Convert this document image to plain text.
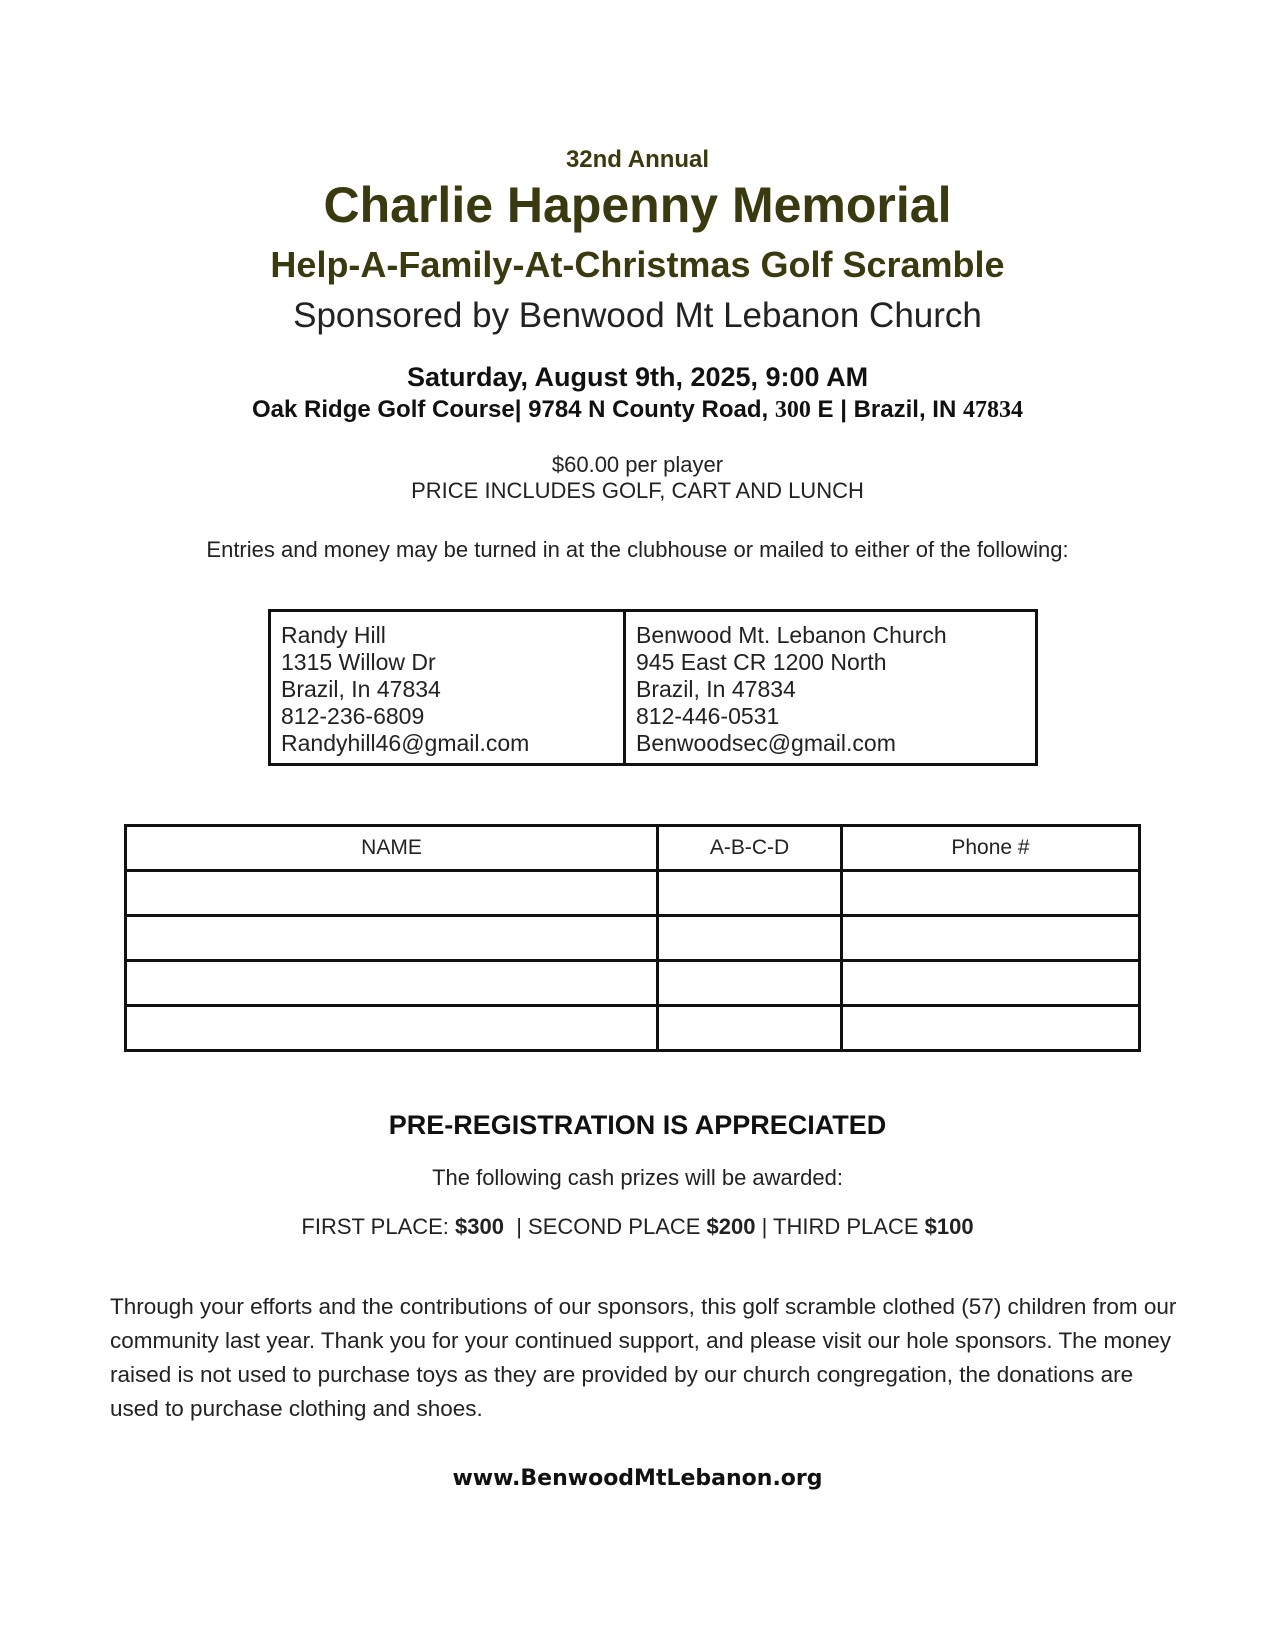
32nd Annual
Charlie Hapenny Memorial
Help-A-Family-At-Christmas Golf Scramble
Sponsored by Benwood Mt Lebanon Church
Saturday, August 9th, 2025, 9:00 AM
Oak Ridge Golf Course| 9784 N County Road, 300 E | Brazil, IN 47834
$60.00 per player
PRICE INCLUDES GOLF, CART AND LUNCH
Entries and money may be turned in at the clubhouse or mailed to either of the following:
Randy Hill
1315 Willow Dr
Brazil, In 47834
812-236-6809
Randyhill46@gmail.com
Benwood Mt. Lebanon Church
945 East CR 1200 North
Brazil, In 47834
812-446-0531
Benwoodsec@gmail.com
NAME	A-B-C-D	Phone #

PRE-REGISTRATION IS APPRECIATED
The following cash prizes will be awarded:
FIRST PLACE: $300  | SECOND PLACE $200 | THIRD PLACE $100
Through your efforts and the contributions of our sponsors, this golf scramble clothed (57) children from our community last year. Thank you for your continued support, and please visit our hole sponsors. The money raised is not used to purchase toys as they are provided by our church congregation, the donations are used to purchase clothing and shoes.
www.BenwoodMtLebanon.org
